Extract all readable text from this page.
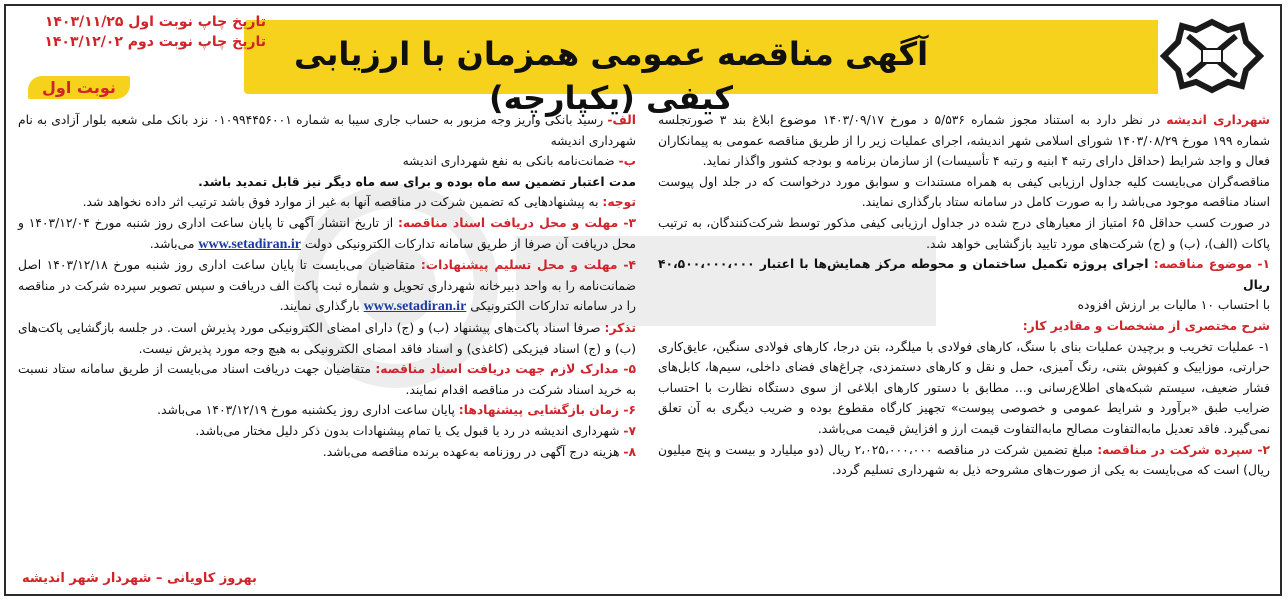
آگهی مناقصه عمومی همزمان با ارزیابی کیفی (یکپارچه)
تاریخ چاپ نوبت اول ۱۴۰۳/۱۱/۲۵
تاریخ چاپ نوبت دوم ۱۴۰۳/۱۲/۰۲
نوبت اول

شهرداری اندیشه در نظر دارد به استناد مجوز شماره ۵/۵۳۶ د مورخ ۱۴۰۳/۰۹/۱۷ موضوع ابلاغ بند ۳ صورتجلسه شماره ۱۹۹ مورخ ۱۴۰۳/۰۸/۲۹ شورای اسلامی شهر اندیشه، اجرای عملیات زیر را از طریق مناقصه عمومی به پیمانکاران فعال و واجد شرایط (حداقل دارای رتبه ۴ ابنیه و رتبه ۴ تأسیسات) از سازمان برنامه و بودجه کشور واگذار نماید.

مناقصه‌گران می‌بایست کلیه جداول ارزیابی کیفی به همراه مستندات و سوابق مورد درخواست که در جلد اول پیوست اسناد مناقصه موجود می‌باشد را به صورت کامل در سامانه ستاد بارگذاری نمایند.

در صورت کسب حداقل ۶۵ امتیاز از معیارهای درج شده در جداول ارزیابی کیفی مذکور توسط شرکت‌کنندگان، به ترتیب پاکات (الف)، (ب) و (ج) شرکت‌های مورد تایید بازگشایی خواهد شد.

۱- موضوع مناقصه: اجرای پروژه تکمیل ساختمان و محوطه مرکز همایش‌ها با اعتبار ۴۰،۵۰۰،۰۰۰،۰۰۰ ریال

با احتساب ۱۰ مالیات بر ارزش افزوده

شرح مختصری از مشخصات و مقادیر کار:

۱- عملیات تخریب و برچیدن عملیات بنای با سنگ، کارهای فولادی با میلگرد، بتن درجا، کارهای فولادی سنگین، عایق‌کاری حرارتی، موزاییک و کفپوش بتنی، رنگ آمیزی، حمل و نقل و کارهای دستمزدی، چراغ‌های فضای داخلی، سیم‌ها، کابل‌های فشار ضعیف، سیستم شبکه‌های اطلاع‌رسانی و... مطابق با دستور کارهای ابلاغی از سوی دستگاه نظارت با احتساب ضرایب طبق «برآورد و شرایط عمومی و خصوصی پیوست» تجهیز کارگاه مقطوع بوده و ضریب دیگری به آن تعلق نمی‌گیرد. فاقد تعدیل مابه‌التفاوت مصالح مابه‌التفاوت قیمت ارز و افزایش قیمت می‌باشد.

۲- سپرده شرکت در مناقصه: مبلغ تضمین شرکت در مناقصه ۲،۰۲۵،۰۰۰،۰۰۰ ریال (دو میلیارد و بیست و پنج میلیون ریال) است که می‌بایست به یکی از صورت‌های مشروحه ذیل به شهرداری تسلیم گردد.

الف- رسید بانکی واریز وجه مزبور به حساب جاری سیبا به شماره ۰۱۰۹۹۴۴۵۶۰۰۱ نزد بانک ملی شعبه بلوار آزادی به نام شهرداری اندیشه

ب- ضمانت‌نامه بانکی به نفع شهرداری اندیشه

مدت اعتبار تضمین سه ماه بوده و برای سه ماه دیگر نیز قابل تمدید باشد.

توجه: به پیشنهادهایی که تضمین شرکت در مناقصه آنها به غیر از موارد فوق باشد ترتیب اثر داده نخواهد شد.

۳- مهلت و محل دریافت اسناد مناقصه: از تاریخ انتشار آگهی تا پایان ساعت اداری روز شنبه مورخ ۱۴۰۳/۱۲/۰۴ و محل دریافت آن صرفا از طریق سامانه تدارکات الکترونیکی دولت www.setadiran.ir می‌باشد.

۴- مهلت و محل تسلیم پیشنهادات: متقاضیان می‌بایست تا پایان ساعت اداری روز شنبه مورخ ۱۴۰۳/۱۲/۱۸ اصل ضمانت‌نامه را به واحد دبیرخانه شهرداری تحویل و شماره ثبت پاکت الف دریافت و سپس تصویر سپرده شرکت در مناقصه را در سامانه تدارکات الکترونیکی www.setadiran.ir بارگذاری نمایند.

تذکر: صرفا اسناد پاکت‌های پیشنهاد (ب) و (ج) دارای امضای الکترونیکی مورد پذیرش است. در جلسه بازگشایی پاکت‌های (ب) و (ج) اسناد فیزیکی (کاغذی) و اسناد فاقد امضای الکترونیکی به هیچ وجه مورد پذیرش نیست.

۵- مدارک لازم جهت دریافت اسناد مناقصه: متقاضیان جهت دریافت اسناد می‌بایست از طریق سامانه ستاد نسبت به خرید اسناد شرکت در مناقصه اقدام نمایند.

۶- زمان بازگشایی پیشنهادها: پایان ساعت اداری روز یکشنبه مورخ ۱۴۰۳/۱۲/۱۹ می‌باشد.

۷- شهرداری اندیشه در رد یا قبول یک یا تمام پیشنهادات بدون ذکر دلیل مختار می‌باشد.

۸- هزینه درج آگهی در روزنامه به‌عهده برنده مناقصه می‌باشد.

بهروز کاویانی – شهردار شهر اندیشه
